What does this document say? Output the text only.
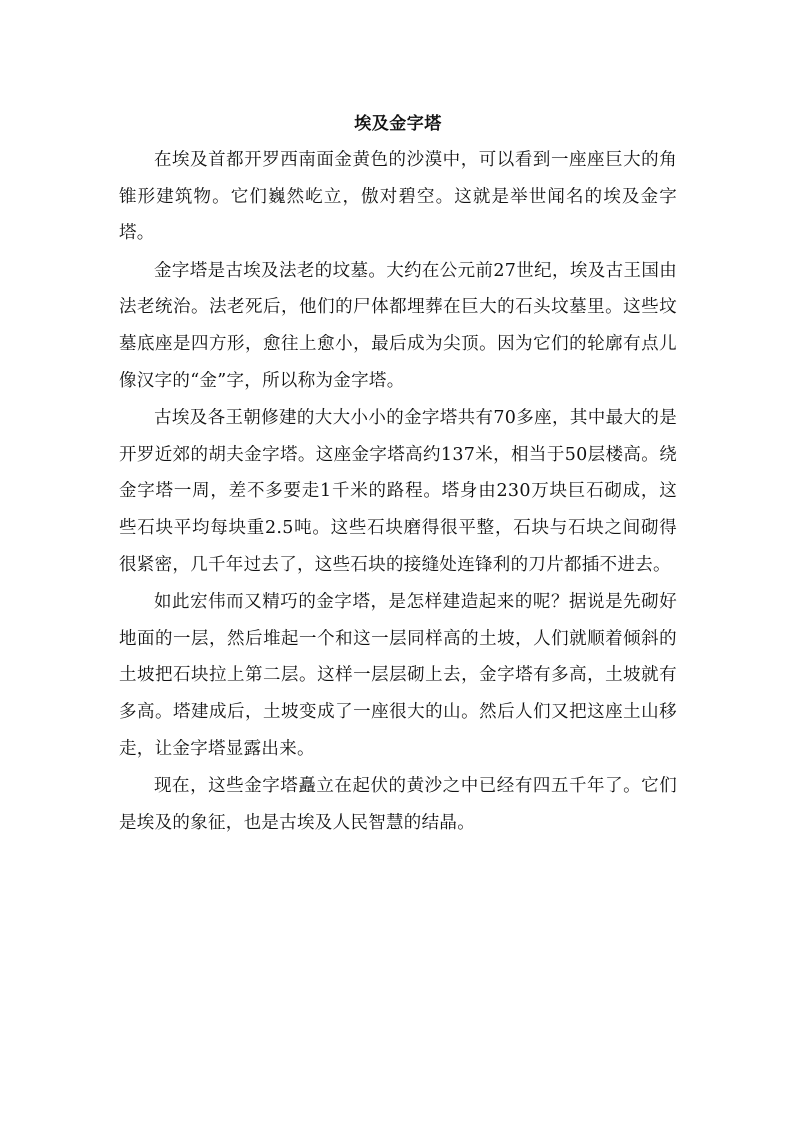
埃及金字塔

在埃及首都开罗西南面金黄色的沙漠中，可以看到一座座巨大的角锥形建筑物。它们巍然屹立，傲对碧空。这就是举世闻名的埃及金字塔。

金字塔是古埃及法老的坟墓。大约在公元前27世纪，埃及古王国由法老统治。法老死后，他们的尸体都埋葬在巨大的石头坟墓里。这些坟墓底座是四方形，愈往上愈小，最后成为尖顶。因为它们的轮廓有点儿像汉字的“金”字，所以称为金字塔。

古埃及各王朝修建的大大小小的金字塔共有70多座，其中最大的是开罗近郊的胡夫金字塔。这座金字塔高约137米，相当于50层楼高。绕金字塔一周，差不多要走1千米的路程。塔身由230万块巨石砌成，这些石块平均每块重2.5吨。这些石块磨得很平整，石块与石块之间砌得很紧密，几千年过去了，这些石块的接缝处连锋利的刀片都插不进去。

如此宏伟而又精巧的金字塔，是怎样建造起来的呢？据说是先砌好地面的一层，然后堆起一个和这一层同样高的土坡，人们就顺着倾斜的土坡把石块拉上第二层。这样一层层砌上去，金字塔有多高，土坡就有多高。塔建成后，土坡变成了一座很大的山。然后人们又把这座土山移走，让金字塔显露出来。

现在，这些金字塔矗立在起伏的黄沙之中已经有四五千年了。它们是埃及的象征，也是古埃及人民智慧的结晶。
